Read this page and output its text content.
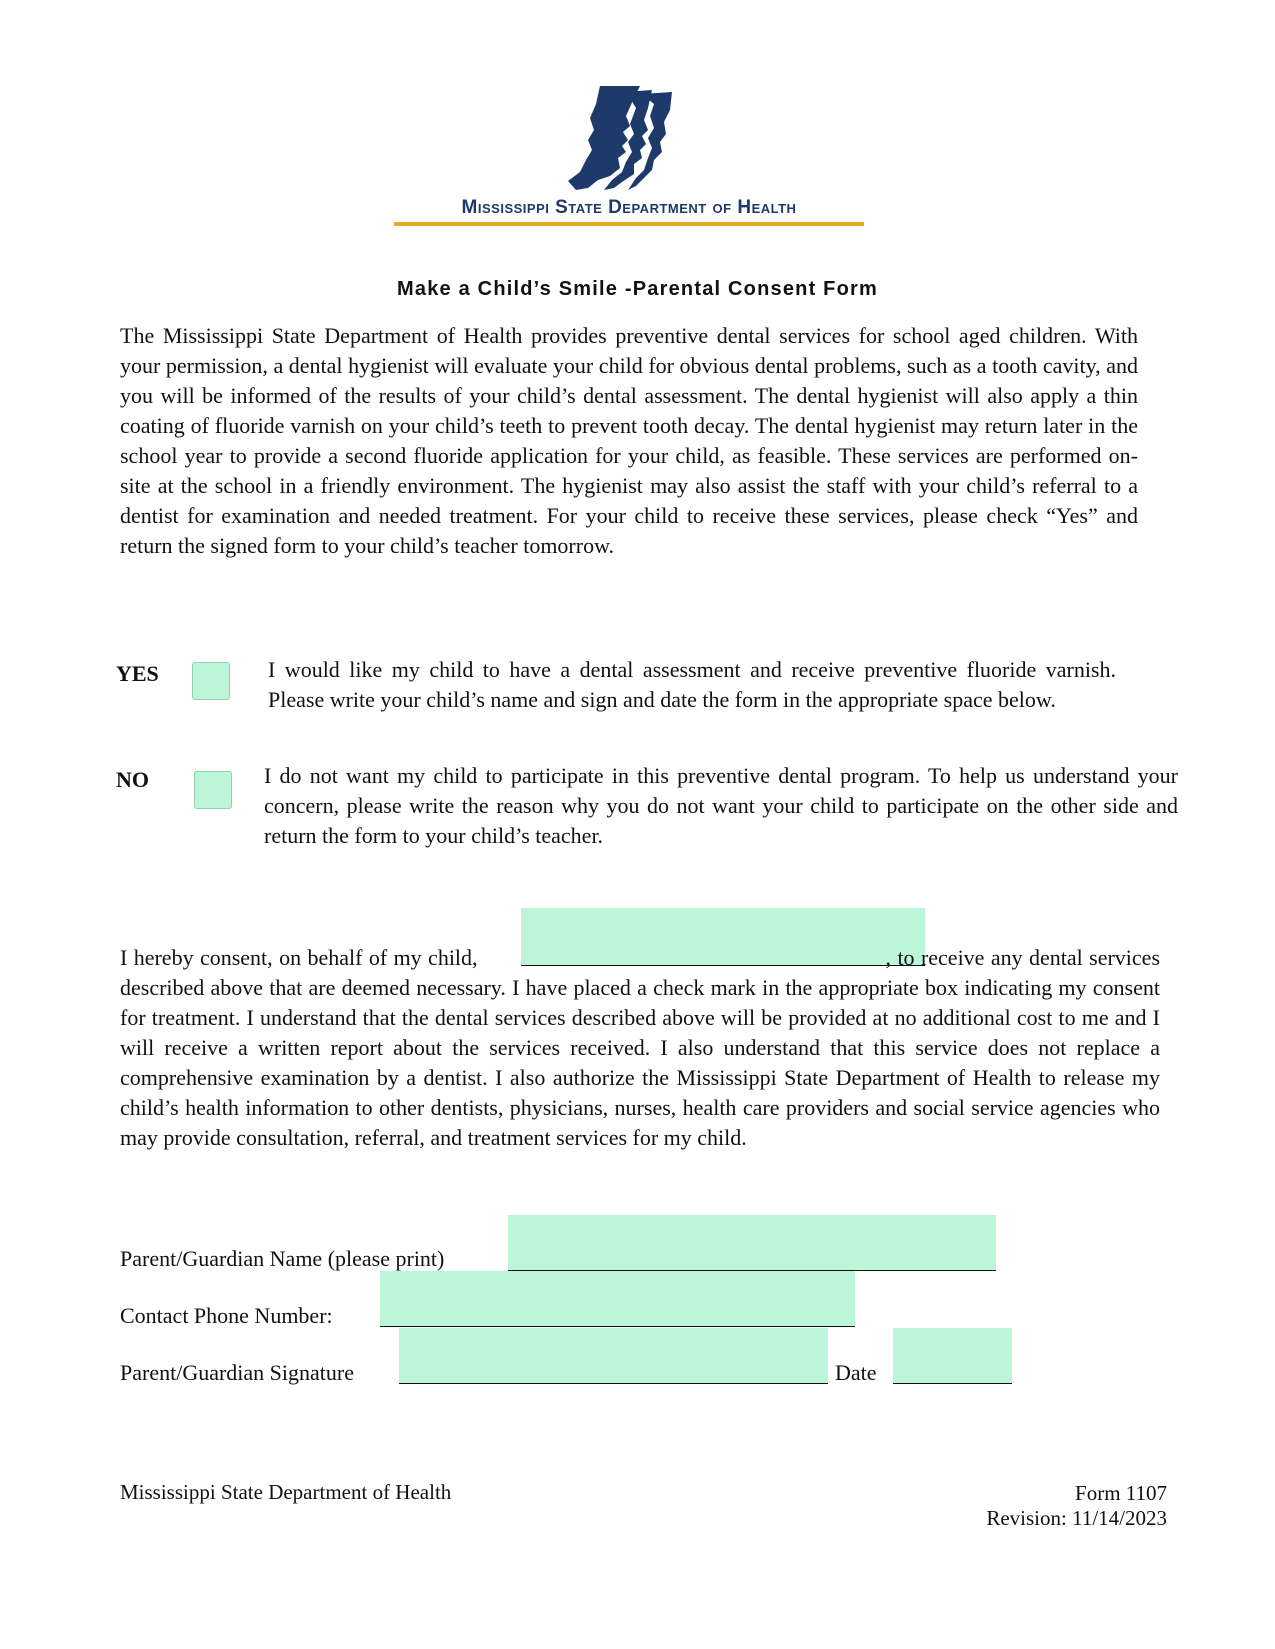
Mississippi State Department of Health
Make a Child’s Smile -Parental Consent Form
The Mississippi State Department of Health provides preventive dental services for school aged children. With your permission, a dental hygienist will evaluate your child for obvious dental problems, such as a tooth cavity, and you will be informed of the results of your child’s dental assessment. The dental hygienist will also apply a thin coating of fluoride varnish on your child’s teeth to prevent tooth decay. The dental hygienist may return later in the school year to provide a second fluoride application for your child, as feasible. These services are performed on-site at the school in a friendly environment. The hygienist may also assist the staff with your child’s referral to a dentist for examination and needed treatment. For your child to receive these services, please check “Yes” and return the signed form to your child’s teacher tomorrow.
YES	I would like my child to have a dental assessment and receive preventive fluoride varnish. Please write your child’s name and sign and date the form in the appropriate space below.
NO	I do not want my child to participate in this preventive dental program. To help us understand your concern, please write the reason why you do not want your child to participate on the other side and return the form to your child’s teacher.
I hereby consent, on behalf of my child,	, to receive any dental services described above that are deemed necessary. I have placed a check mark in the appropriate box indicating my consent for treatment. I understand that the dental services described above will be provided at no additional cost to me and I will receive a written report about the services received. I also understand that this service does not replace a comprehensive examination by a dentist. I also authorize the Mississippi State Department of Health to release my child’s health information to other dentists, physicians, nurses, health care providers and social service agencies who may provide consultation, referral, and treatment services for my child.
Parent/Guardian Name (please print)
Contact Phone Number:
Parent/Guardian Signature	Date
Mississippi State Department of Health	Form 1107
Revision: 11/14/2023
